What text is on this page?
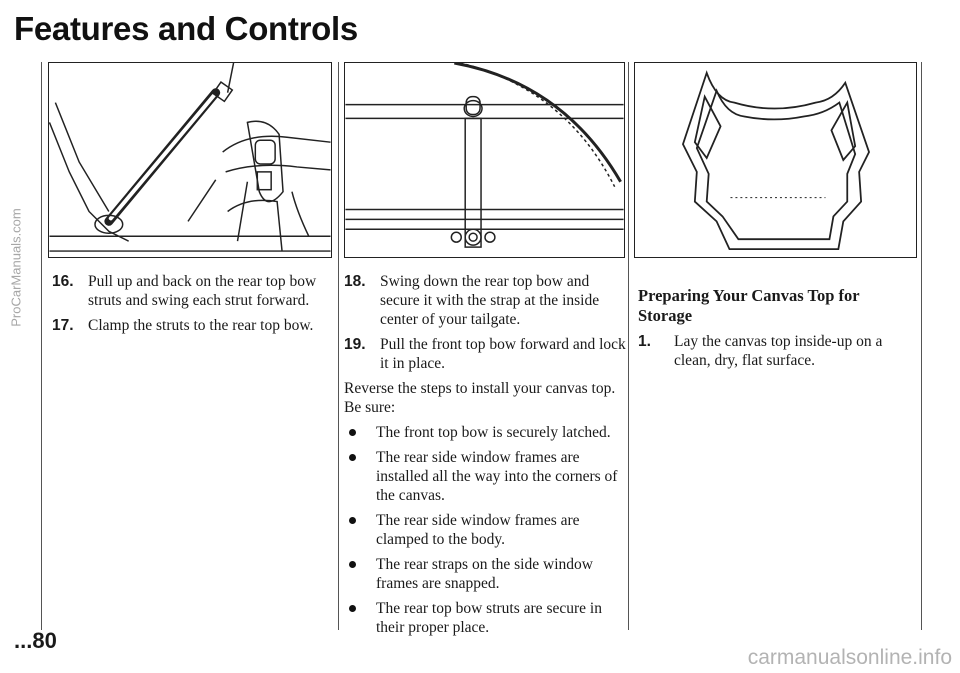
Features and Controls
16. Pull up and back on the rear top bow struts and swing each strut forward.
17. Clamp the struts to the rear top bow.
18. Swing down the rear top bow and secure it with the strap at the inside center of your tailgate.
19. Pull the front top bow forward and lock it in place.
Reverse the steps to install your canvas top. Be sure:
The front top bow is securely latched.
The rear side window frames are installed all the way into the corners of the canvas.
The rear side window frames are clamped to the body.
The rear straps on the side window frames are snapped.
The rear top bow struts are secure in their proper place.
Preparing Your Canvas Top for Storage
1. Lay the canvas top inside-up on a clean, dry, flat surface.
...80
ProCarManuals.com
carmanualsonline.info
